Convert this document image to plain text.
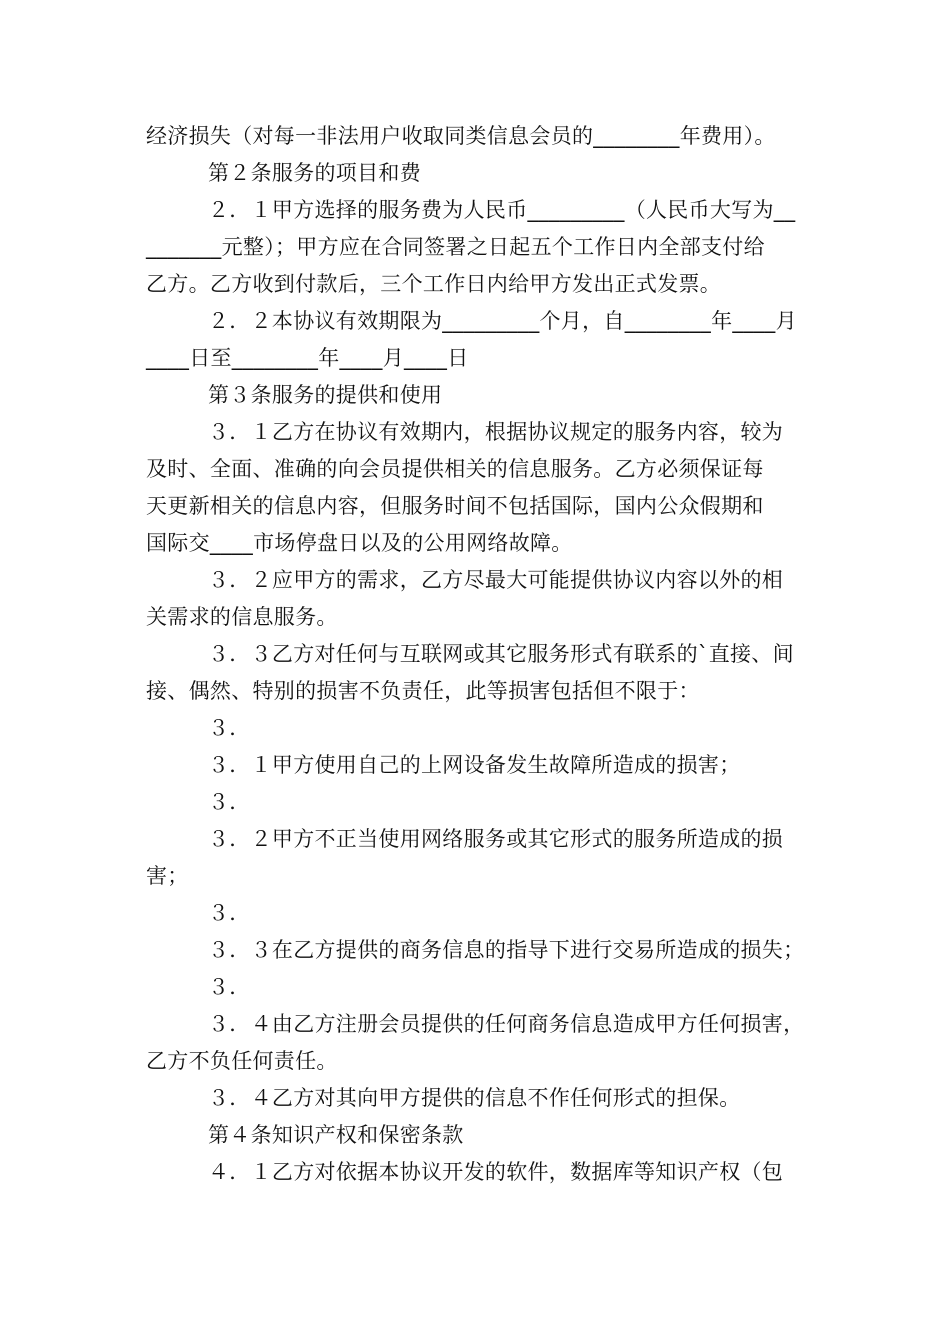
经济损失（对每一非法用户收取同类信息会员的________年费用）。
第２条服务的项目和费
２．１甲方选择的服务费为人民币_________（人民币大写为__
_______元整）；甲方应在合同签署之日起五个工作日内全部支付给
乙方。乙方收到付款后，三个工作日内给甲方发出正式发票。
２．２本协议有效期限为_________个月，自________年____月
____日至________年____月____日
第３条服务的提供和使用
３．１乙方在协议有效期内，根据协议规定的服务内容，较为
及时、全面、准确的向会员提供相关的信息服务。乙方必须保证每
天更新相关的信息内容，但服务时间不包括国际，国内公众假期和
国际交____市场停盘日以及的公用网络故障。
３．２应甲方的需求，乙方尽最大可能提供协议内容以外的相
关需求的信息服务。
３．３乙方对任何与互联网或其它服务形式有联系的`直接、间
接、偶然、特别的损害不负责任，此等损害包括但不限于：
３．
３．１甲方使用自己的上网设备发生故障所造成的损害；
３．
３．２甲方不正当使用网络服务或其它形式的服务所造成的损
害；
３．
３．３在乙方提供的商务信息的指导下进行交易所造成的损失；
３．
３．４由乙方注册会员提供的任何商务信息造成甲方任何损害，
乙方不负任何责任。
３．４乙方对其向甲方提供的信息不作任何形式的担保。
第４条知识产权和保密条款
４．１乙方对依据本协议开发的软件，数据库等知识产权（包
